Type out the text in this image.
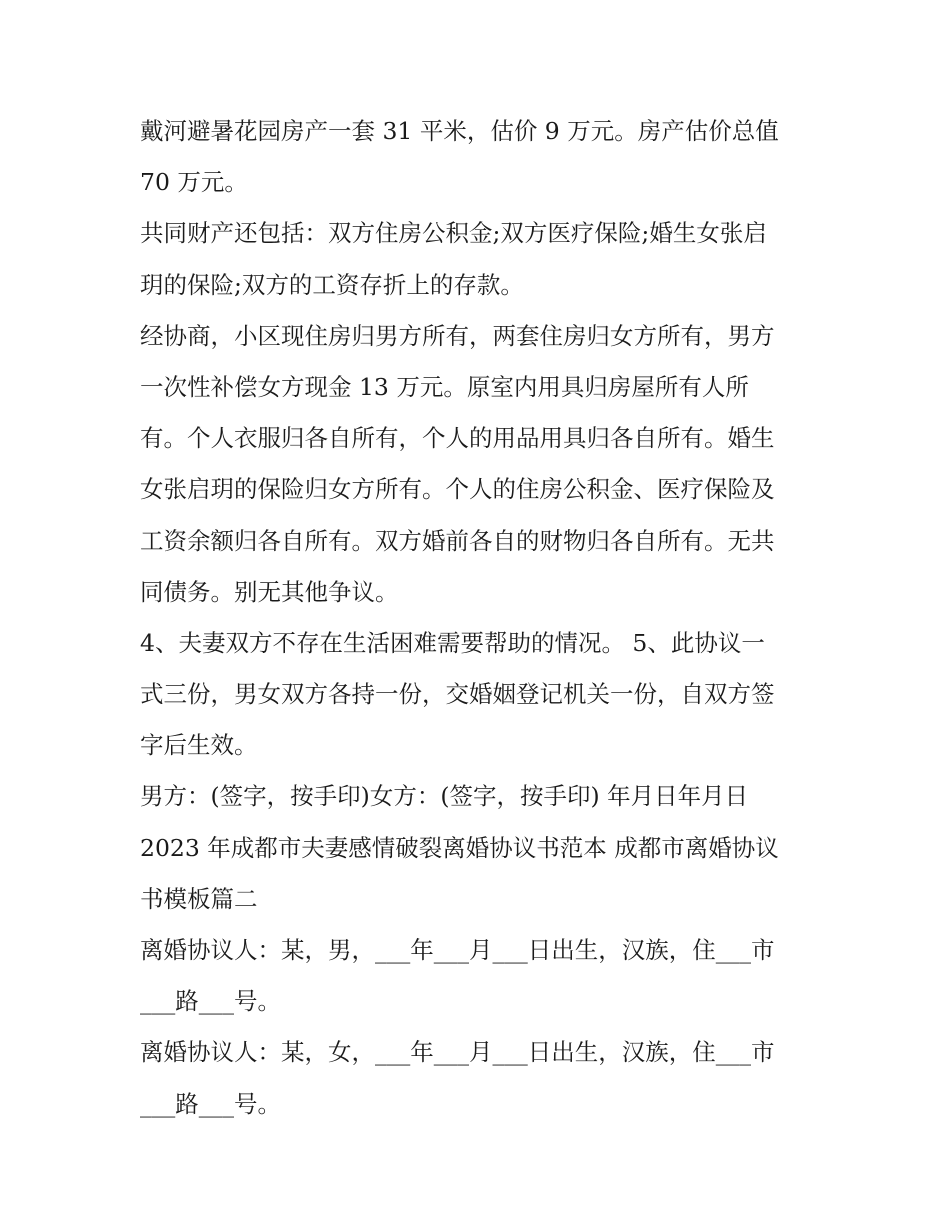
戴河避暑花园房产一套 31 平米，估价 9 万元。房产估价总值
70 万元。
共同财产还包括：双方住房公积金;双方医疗保险;婚生女张启
玥的保险;双方的工资存折上的存款。
经协商，小区现住房归男方所有，两套住房归女方所有，男方
一次性补偿女方现金 13 万元。原室内用具归房屋所有人所
有。个人衣服归各自所有，个人的用品用具归各自所有。婚生
女张启玥的保险归女方所有。个人的住房公积金、医疗保险及
工资余额归各自所有。双方婚前各自的财物归各自所有。无共
同债务。别无其他争议。
4、夫妻双方不存在生活困难需要帮助的情况。 5、此协议一
式三份，男女双方各持一份，交婚姻登记机关一份，自双方签
字后生效。
男方：(签字，按手印)女方：(签字，按手印) 年月日年月日
2023 年成都市夫妻感情破裂离婚协议书范本 成都市离婚协议
书模板篇二
离婚协议人：某，男，___年___月___日出生，汉族，住___市
___路___号。
离婚协议人：某，女，___年___月___日出生，汉族，住___市
___路___号。
